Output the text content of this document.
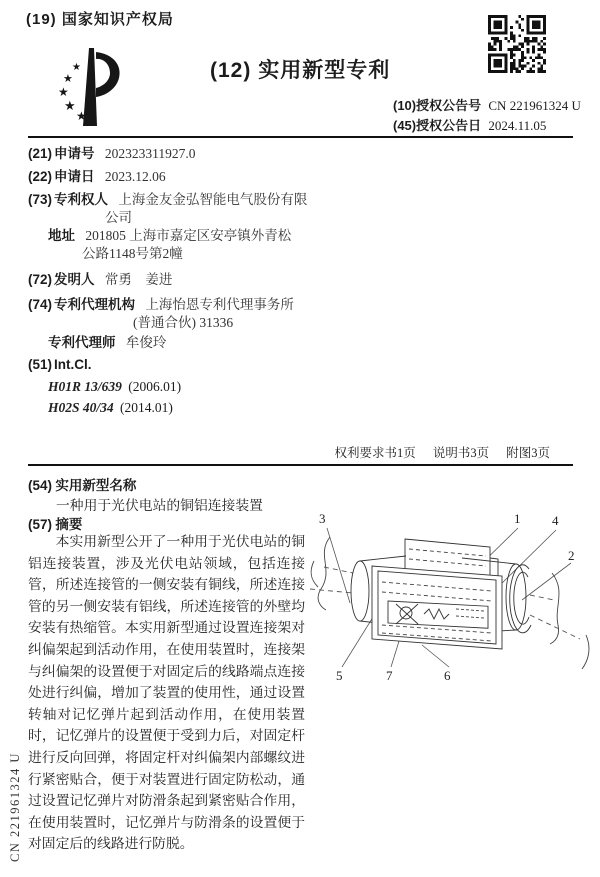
(19) 国家知识产权局
★
★
★
★
★
(12) 实用新型专利
(10)授权公告号 CN 221961324 U
(45)授权公告日 2024.11.05
(21) 申请号 202323311927.0
(22) 申请日 2023.12.06
(73) 专利权人 上海金友金弘智能电气股份有限
公司
地址 201805 上海市嘉定区安亭镇外青松
公路1148号第2幢
(72) 发明人 常勇　姜进
(74) 专利代理机构 上海怡恩专利代理事务所
(普通合伙) 31336
专利代理师 牟俊玲
(51) Int.Cl.
H01R 13/639 (2006.01)
H02S 40/34 (2014.01)
权利要求书1页 说明书3页 附图3页
(54) 实用新型名称
一种用于光伏电站的铜铝连接装置
(57) 摘要
本实用新型公开了一种用于光伏电站的铜铝连接装置，涉及光伏电站领域，包括连接管，所述连接管的一侧安装有铜线，所述连接管的另一侧安装有铝线，所述连接管的外壁均安装有热缩管。本实用新型通过设置连接架对纠偏架起到活动作用，在使用装置时，连接架与纠偏架的设置便于对固定后的线路端点连接处进行纠偏，增加了装置的使用性，通过设置转轴对记忆弹片起到活动作用，在使用装置时，记忆弹片的设置便于受到力后，对固定杆进行反向回弹，将固定杆对纠偏架内部螺纹进行紧密贴合，便于对装置进行固定防松动，通过设置记忆弹片对防滑条起到紧密贴合作用，在使用装置时，记忆弹片与防滑条的设置便于对固定后的线路进行防脱。
3	1 4
2
5	7	6
CN 221961324 U
